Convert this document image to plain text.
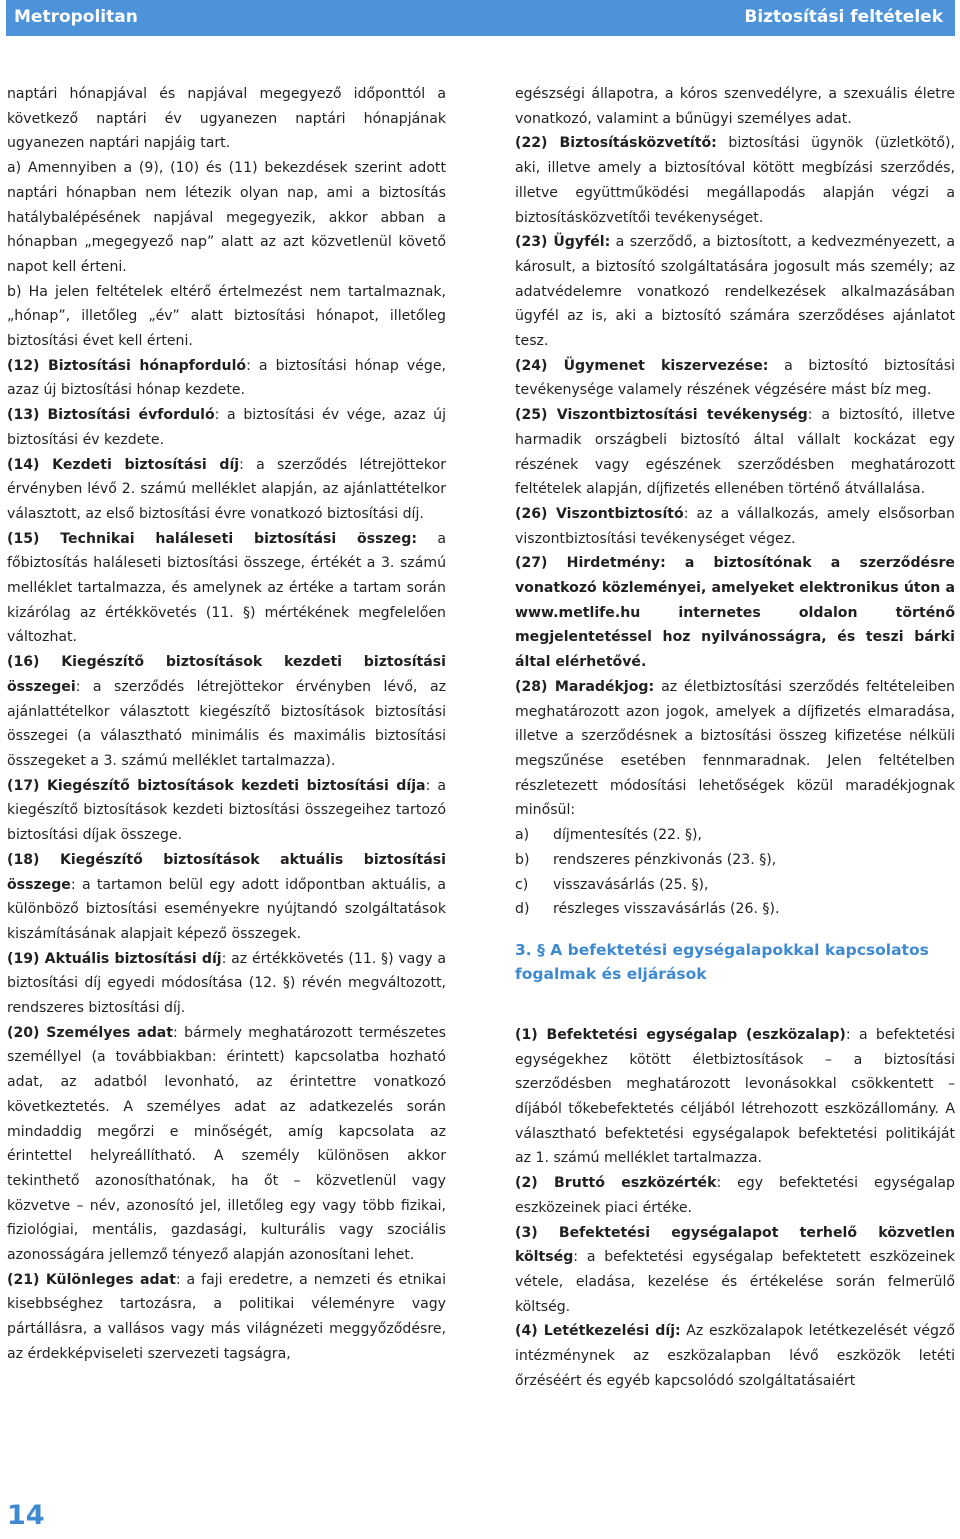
Metropolitan	Biztosítási feltételek

naptári hónapjával és napjával megegyező időponttól a következő naptári év ugyanezen naptári hónapjának ugyanezen naptári napjáig tart.

a) Amennyiben a (9), (10) és (11) bekezdések szerint adott naptári hónapban nem létezik olyan nap, ami a biztosítás hatálybalépésének napjával megegyezik, akkor abban a hónapban „megegyező nap” alatt az azt közvetlenül követő napot kell érteni.

b) Ha jelen feltételek eltérő értelmezést nem tartalmaznak, „hónap”, illetőleg „év” alatt biztosítási hónapot, illetőleg biztosítási évet kell érteni.

(12) Biztosítási hónapforduló: a biztosítási hónap vége, azaz új biztosítási hónap kezdete.

(13) Biztosítási évforduló: a biztosítási év vége, azaz új biztosítási év kezdete.

(14) Kezdeti biztosítási díj: a szerződés létrejöttekor érvényben lévő 2. számú melléklet alapján, az ajánlattételkor választott, az első biztosítási évre vonatkozó biztosítási díj.

(15) Technikai haláleseti biztosítási összeg: a főbiztosítás haláleseti biztosítási összege, értékét a 3. számú melléklet tartalmazza, és amelynek az értéke a tartam során kizárólag az értékkövetés (11. §) mértékének megfelelően változhat.

(16) Kiegészítő biztosítások kezdeti biztosítási összegei: a szerződés létrejöttekor érvényben lévő, az ajánlattételkor választott kiegészítő biztosítások biztosítási összegei (a választható minimális és maximális biztosítási összegeket a 3. számú melléklet tartalmazza).

(17) Kiegészítő biztosítások kezdeti biztosítási díja: a kiegészítő biztosítások kezdeti biztosítási összegeihez tartozó biztosítási díjak összege.

(18) Kiegészítő biztosítások aktuális biztosítási összege: a tartamon belül egy adott időpontban aktuális, a különböző biztosítási eseményekre nyújtandó szolgáltatások kiszámításának alapjait képező összegek.

(19) Aktuális biztosítási díj: az értékkövetés (11. §) vagy a biztosítási díj egyedi módosítása (12. §) révén megváltozott, rendszeres biztosítási díj.

(20) Személyes adat: bármely meghatározott természetes személlyel (a továbbiakban: érintett) kapcsolatba hozható adat, az adatból levonható, az érintettre vonatkozó következtetés. A személyes adat az adatkezelés során mindaddig megőrzi e minőségét, amíg kapcsolata az érintettel helyreállítható. A személy különösen akkor tekinthető azonosíthatónak, ha őt – közvetlenül vagy közvetve – név, azonosító jel, illetőleg egy vagy több fizikai, fiziológiai, mentális, gazdasági, kulturális vagy szociális azonosságára jellemző tényező alapján azonosítani lehet.

(21) Különleges adat: a faji eredetre, a nemzeti és etnikai kisebbséghez tartozásra, a politikai véleményre vagy pártállásra, a vallásos vagy más világnézeti meggyőződésre, az érdekképviseleti szervezeti tagságra,

egészségi állapotra, a kóros szenvedélyre, a szexuális életre vonatkozó, valamint a bűnügyi személyes adat.

(22) Biztosításközvetítő: biztosítási ügynök (üzletkötő), aki, illetve amely a biztosítóval kötött megbízási szerződés, illetve együttműködési megállapodás alapján végzi a biztosításközvetítői tevékenységet.

(23) Ügyfél: a szerződő, a biztosított, a kedvezményezett, a károsult, a biztosító szolgáltatására jogosult más személy; az adatvédelemre vonatkozó rendelkezések alkalmazásában ügyfél az is, aki a biztosító számára szerződéses ajánlatot tesz.

(24) Ügymenet kiszervezése: a biztosító biztosítási tevékenysége valamely részének végzésére mást bíz meg.

(25) Viszontbiztosítási tevékenység: a biztosító, illetve harmadik országbeli biztosító által vállalt kockázat egy részének vagy egészének szerződésben meghatározott feltételek alapján, díjfizetés ellenében történő átvállalása.

(26) Viszontbiztosító: az a vállalkozás, amely elsősorban viszontbiztosítási tevékenységet végez.

(27) Hirdetmény: a biztosítónak a szerződésre vonatkozó közleményei, amelyeket elektronikus úton a www.metlife.hu internetes oldalon történő megjelentetéssel hoz nyilvánosságra, és teszi bárki által elérhetővé.

(28) Maradékjog: az életbiztosítási szerződés feltételeiben meghatározott azon jogok, amelyek a díjfizetés elmaradása, illetve a szerződésnek a biztosítási összeg kifizetése nélküli megszűnése esetében fennmaradnak. Jelen feltételben részletezett módosítási lehetőségek közül maradékjognak minősül:

a)	díjmentesítés (22. §),
b)	rendszeres pénzkivonás (23. §),
c)	visszavásárlás (25. §),
d)	részleges visszavásárlás (26. §).
3. § A befektetési egységalapokkal kapcsolatos fogalmak és eljárások

(1) Befektetési egységalap (eszközalap): a befektetési egységekhez kötött életbiztosítások – a biztosítási szerződésben meghatározott levonásokkal csökkentett – díjából tőkebefektetés céljából létrehozott eszközállomány. A választható befektetési egységalapok befektetési politikáját az 1. számú melléklet tartalmazza.

(2) Bruttó eszközérték: egy befektetési egységalap eszközeinek piaci értéke.

(3) Befektetési egységalapot terhelő közvetlen költség: a befektetési egységalap befektetett eszközeinek vétele, eladása, kezelése és értékelése során felmerülő költség.

(4) Letétkezelési díj: Az eszközalapok letétkezelését végző intézménynek az eszközalapban lévő eszközök letéti őrzéséért és egyéb kapcsolódó szolgáltatásaiért

14
